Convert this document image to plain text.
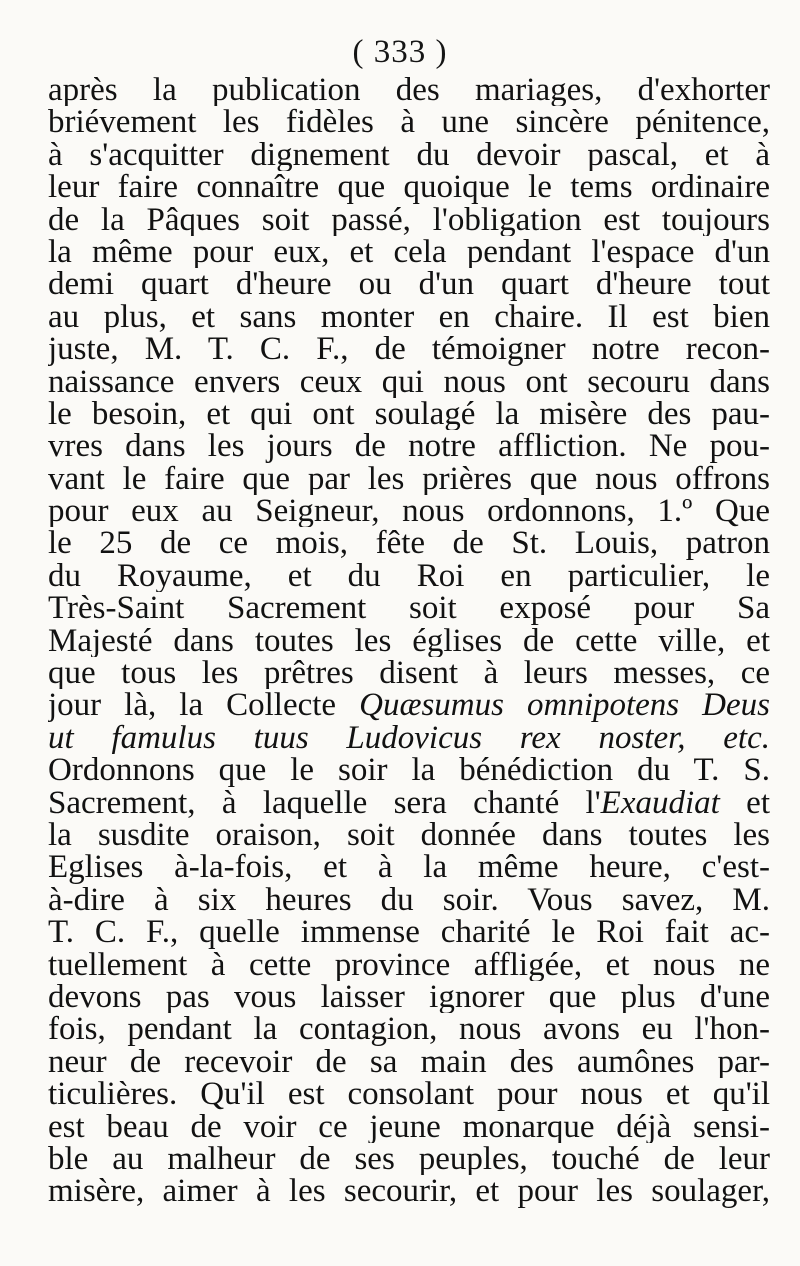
( 333 )
après la publication des mariages, d'exhorter
briévement les fidèles à une sincère pénitence,
à s'acquitter dignement du devoir pascal, et à
leur faire connaître que quoique le tems ordinaire
de la Pâques soit passé, l'obligation est toujours
la même pour eux, et cela pendant l'espace d'un
demi quart d'heure ou d'un quart d'heure tout
au plus, et sans monter en chaire. Il est bien
juste, M. T. C. F., de témoigner notre recon-
naissance envers ceux qui nous ont secouru dans
le besoin, et qui ont soulagé la misère des pau-
vres dans les jours de notre affliction. Ne pou-
vant le faire que par les prières que nous offrons
pour eux au Seigneur, nous ordonnons, 1.º Que
le 25 de ce mois, fête de St. Louis, patron
du Royaume, et du Roi en particulier, le
Très-Saint Sacrement soit exposé pour Sa
Majesté dans toutes les églises de cette ville, et
que tous les prêtres disent à leurs messes, ce
jour là, la Collecte Quæsumus omnipotens Deus
ut famulus tuus Ludovicus rex noster, etc.
Ordonnons que le soir la bénédiction du T. S.
Sacrement, à laquelle sera chanté l'Exaudiat et
la susdite oraison, soit donnée dans toutes les
Eglises à-la-fois, et à la même heure, c'est-
à-dire à six heures du soir. Vous savez, M.
T. C. F., quelle immense charité le Roi fait ac-
tuellement à cette province affligée, et nous ne
devons pas vous laisser ignorer que plus d'une
fois, pendant la contagion, nous avons eu l'hon-
neur de recevoir de sa main des aumônes par-
ticulières. Qu'il est consolant pour nous et qu'il
est beau de voir ce jeune monarque déjà sensi-
ble au malheur de ses peuples, touché de leur
misère, aimer à les secourir, et pour les soulager,
